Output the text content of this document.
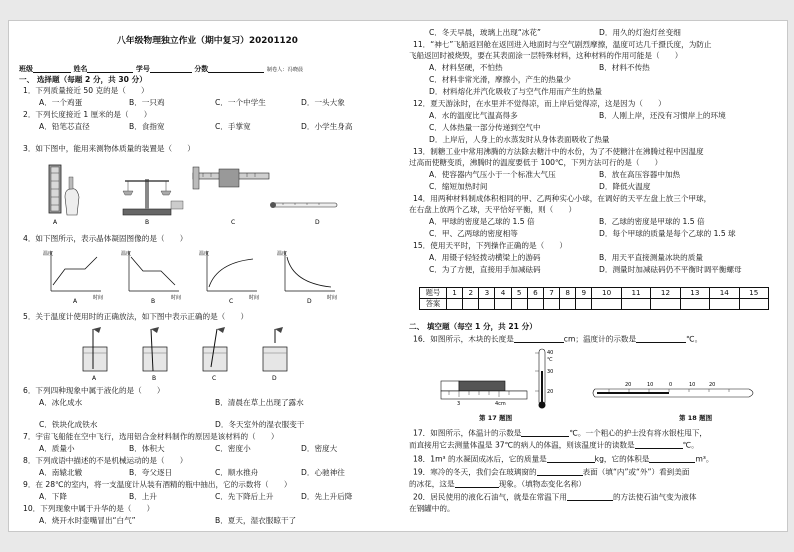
八年级物理独立作业（期中复习）20201120
班级	姓名	学号	分数	制卷人：冯晓晨
一、 选择题（每题 2 分，共 30 分）
1．下列质量接近 50 克的是（　　）
A．一个鸡蛋	B．一只鸡	C．一个中学生	D．一头大象
2．下列长度接近 1 厘米的是（　　）
A．铅笔芯直径	B．食指宽	C．手掌宽	D．小学生身高
3．如下图中，能用来测物体质量的装置是（　　）
A	B	C	D
4．如下图所示，表示晶体凝固图像的是（　　）
温度
时间
A
温度
时间
B
温度
时间
C
温度
时间
D
5．关于温度计使用时的正确放法，如下图中表示正确的是（　　）
A	B	C	D
6．下列四种现象中属于液化的是（　　）
A．冰化成水	B．清晨在草上出现了露水
C．铁块化成铁水	D．冬天室外的湿衣服变干
7．宇宙飞船能在空中飞行，选用铝合金材料制作的原因是该材料的（　　）
A．质量小	B．体积大	C．密度小	D．密度大
8．下列成语中描述的不是机械运动的是（　　）
A．南辕北辙	B．夸父逐日	C．顺水推舟	D．心驰神往
9．在 28℃的室内，将一支温度计从装有酒精的瓶中抽出，它的示数将（　　）
A．下降	B．上升	C．先下降后上升	D．先上升后降
10．下列现象中属于升华的是（　　）
A．烧开水时壶嘴冒出“白气”	B．夏天，湿衣服晾干了
C．冬天早晨，玻璃上出现“冰花”	D．用久的灯泡灯丝变细
11．“神七”飞船返回舱在返回进入地面时与空气剧烈摩擦，温度可达几千摄氏度，为防止
飞船返回时被烧毁，要在其表面涂一层特殊材料，这种材料的作用可能是（　　）
A．材料坚硬，不怕热	B．材料不传热
C．材料非常光滑，摩擦小，产生的热量少
D．材料熔化并汽化吸收了与空气作用而产生的热量
12．夏天游泳时，在水里并不觉得凉，而上岸后觉得凉，这是因为（　　）
A．水的温度比气温高得多	B．人刚上岸，还没有习惯岸上的环境
C．人体热量一部分传递到空气中
D．上岸后，人身上的水蒸发时从身体表面吸收了热量
13．制糖工业中常用沸腾的方法除去糖汁中的水份，为了不使糖汁在沸腾过程中因温度
过高而使糖变质，沸腾时的温度要低于 100℃，下列方法可行的是（　　）
A．使容器内气压小于一个标准大气压	B．放在高压容器中加热
C．缩短加热时间	D．降低火温度
14．用两种材料制成体积相同的甲、乙两种实心小球，在调好的天平左盘上放三个甲球，
在右盘上放两个乙球，天平恰好平衡，则（　　）
A．甲球的密度是乙球的 1.5 倍	B．乙球的密度是甲球的 1.5 倍
C．甲、乙两球的密度相等	D．每个甲球的质量是每个乙球的 1.5 球
15．使用天平时，下列操作正确的是（　　）
A．用镊子轻轻拨动横梁上的游码	B．用天平直接测量冰块的质量
C．为了方便，直接用手加减砝码	D．测量时加减砝码仍不平衡时调平衡螺母
题号	1	2	3	4	5	6	7	8	9	10	11	12	13	14	15
答案															
二、 填空题（每空 1 分，共 21 分）
16．如图所示，木块的长度是	cm；温度计的示数是	℃。
3	4cm
40
℃
30
20
第 17 题图
20	10	0	10	20
第 18 题图
17．如图所示，体温计的示数是	℃。一个粗心的护士没有将水银柱甩下，
而直接用它去测量体温是 37℃的病人的体温，则该温度计的读数是	℃。
18．1m³ 的水凝固成冰后，它的质量是	kg，它的体积是	m³。
19．寒冷的冬天，我们会在玻璃窗的	表面（填“内”或“外”）看到美面
的冰花，这是	现象。（填物态变化名称）
20．居民使用的液化石油气，就是在常温下用	的方法使石油气变为液体
在钢罐中的。
